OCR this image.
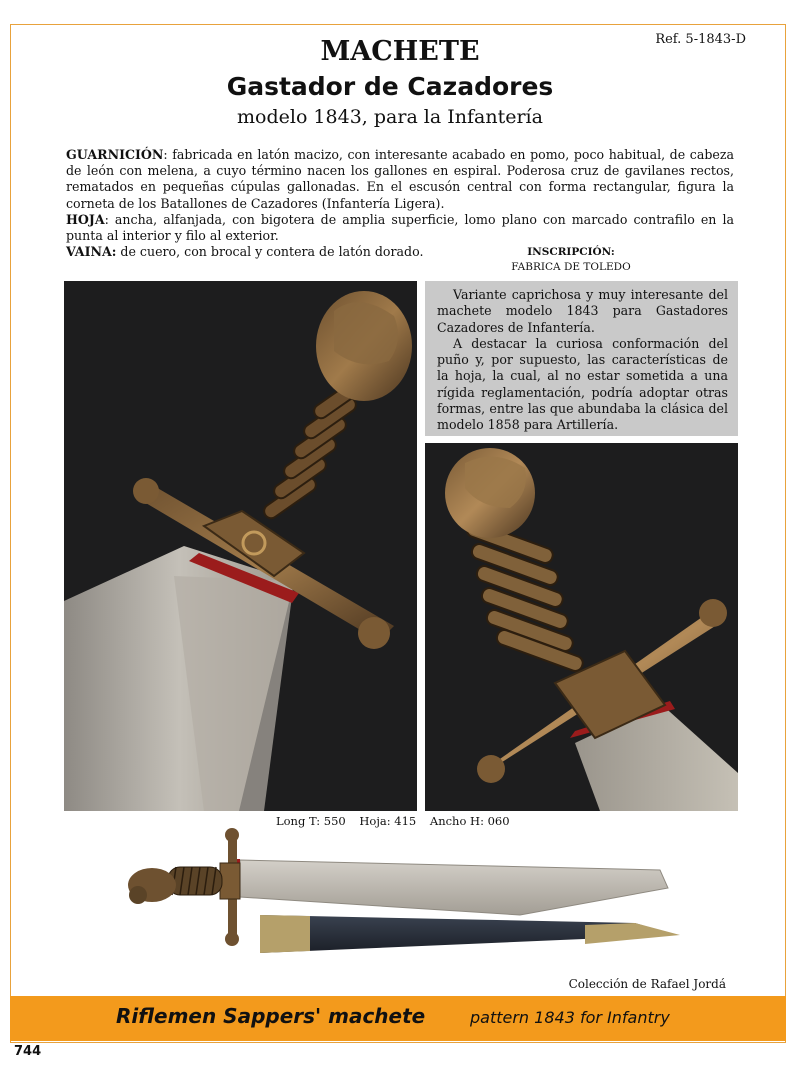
Ref. 5-1843-D
MACHETE
Gastador de Cazadores
modelo 1843, para la Infantería

GUARNICIÓN: fabricada en latón macizo, con interesante acabado en pomo, poco habitual, de cabeza de león con melena, a cuyo término nacen los gallones en espiral. Poderosa cruz de gavilanes rectos, rematados en pequeñas cúpulas gallonadas. En el escusón central con forma rectangular, figura la corneta de los Batallones de Cazadores (Infantería Ligera).

HOJA: ancha, alfanjada, con bigotera de amplia superficie, lomo plano con marcado contrafilo en la punta al interior y filo al exterior.

VAINA: de cuero, con brocal y contera de latón dorado.	INSCRIPCIÓN:
FABRICA DE TOLEDO

Variante caprichosa y muy interesante del machete modelo 1843 para Gastadores Cazadores de Infantería.

A destacar la curiosa conformación del puño y, por supuesto, las características de la hoja, la cual, al no estar sometida a una rígida reglamentación, podría adoptar otras formas, entre las que abundaba la clásica del modelo 1858 para Artillería.

Long T: 550 Hoja: 415 Ancho H: 060
Colección de Rafael Jordá
Riflemen Sappers' machete	pattern 1843 for Infantry
744
